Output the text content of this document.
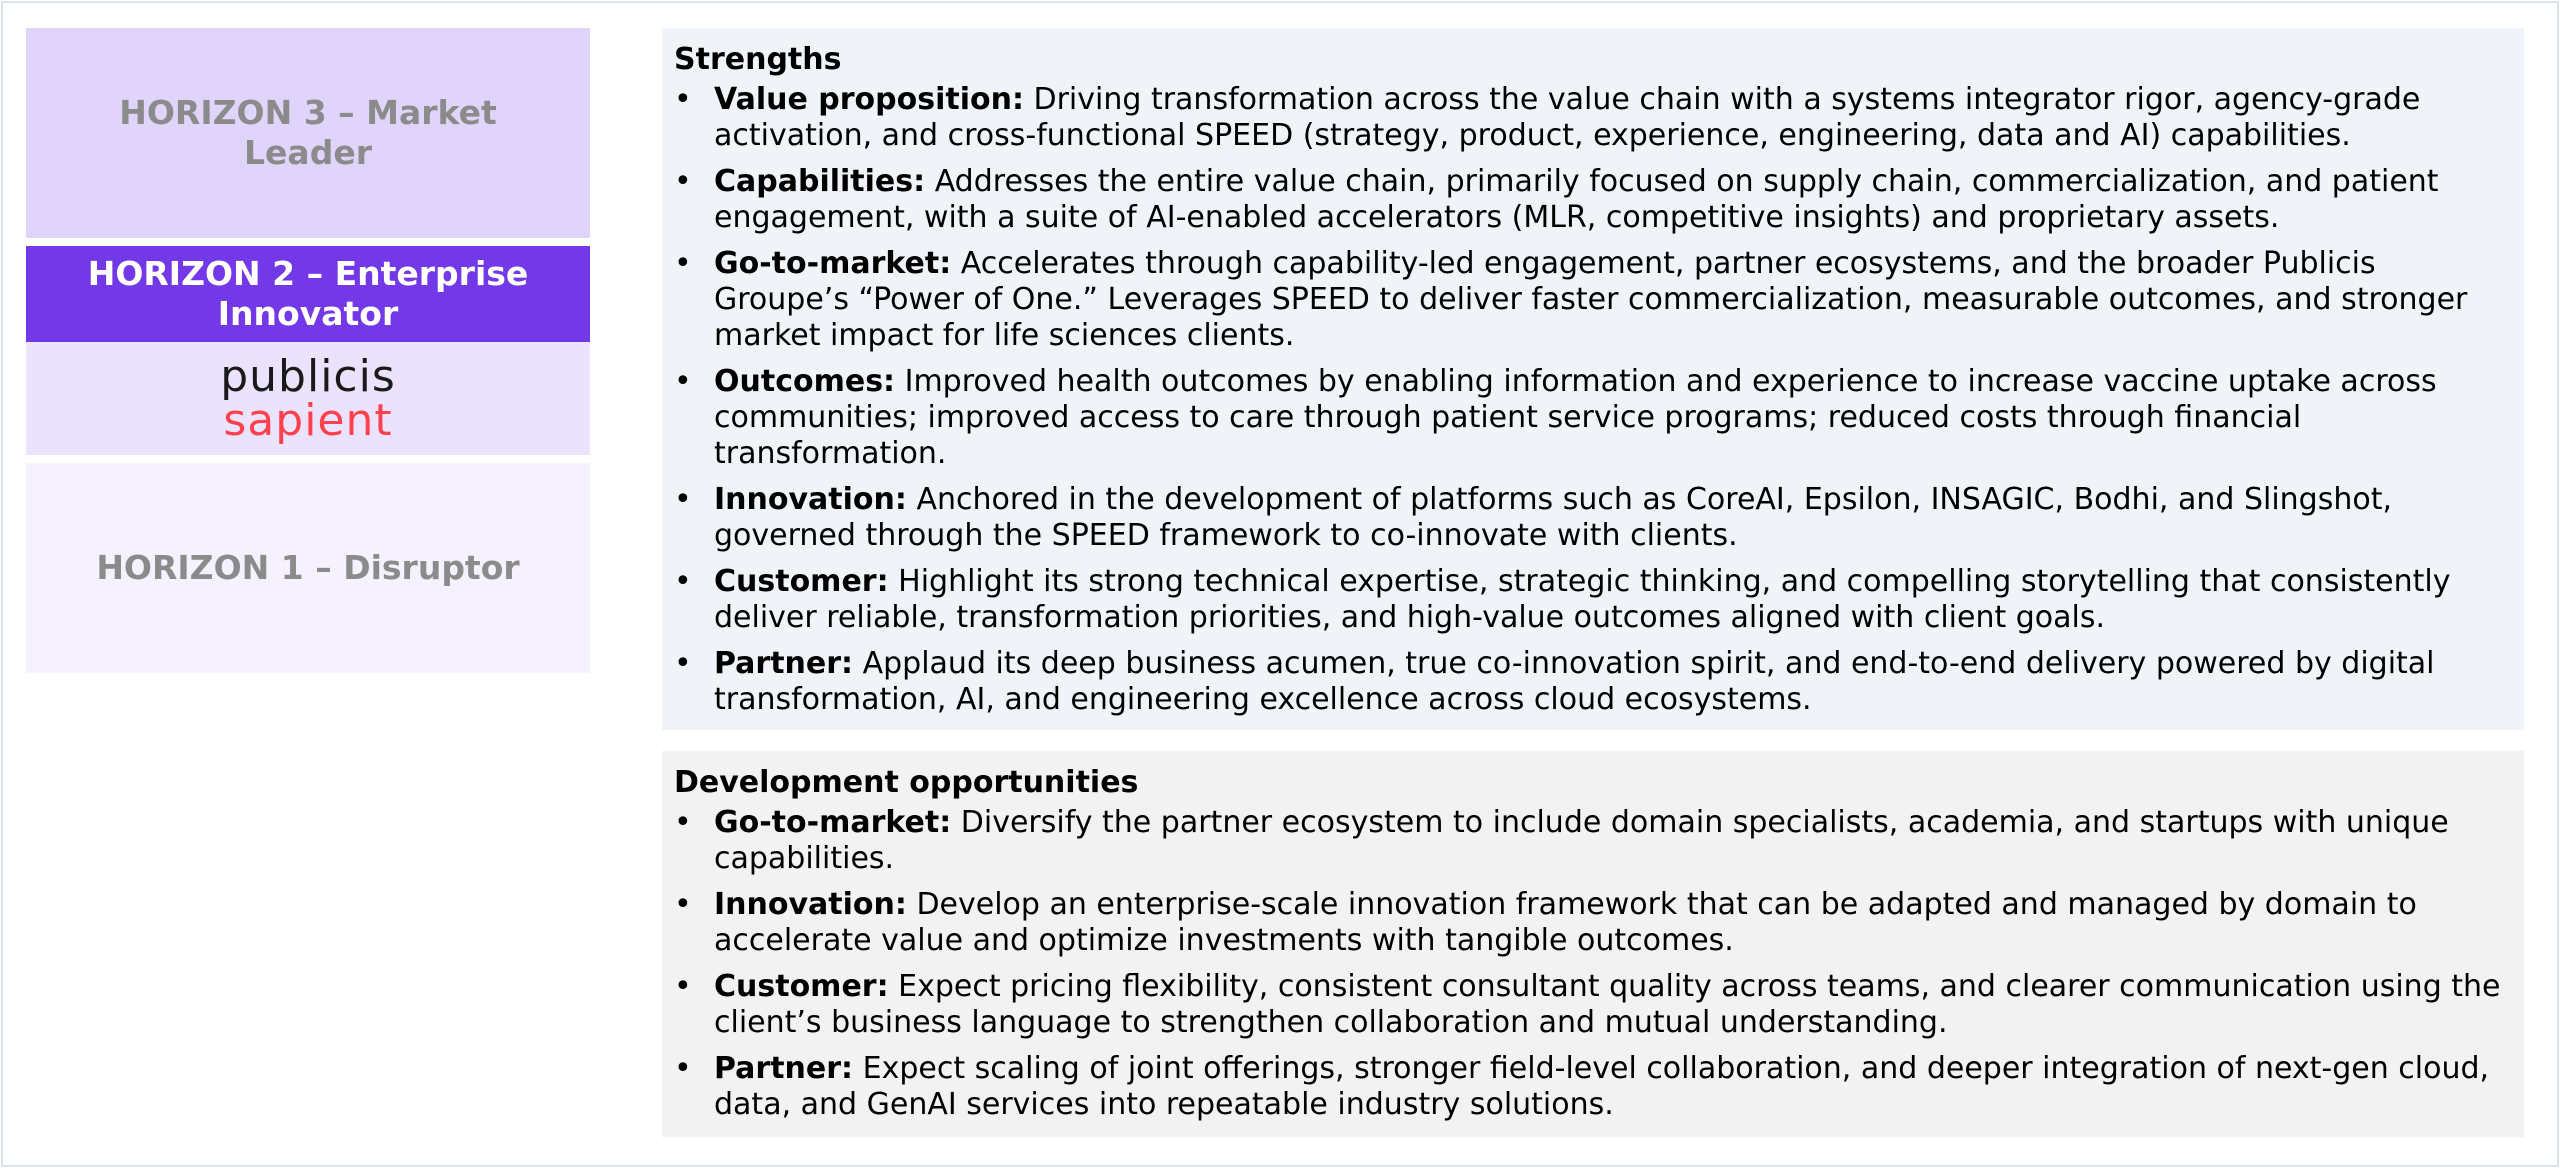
HORIZON 3 – Market Leader
HORIZON 2 – Enterprise Innovator
publicis
sapient
HORIZON 1 – Disruptor
Strengths
• Value proposition: Driving transformation across the value chain with a systems integrator rigor, agency-grade activation, and cross-functional SPEED (strategy, product, experience, engineering, data and AI) capabilities.
• Capabilities: Addresses the entire value chain, primarily focused on supply chain, commercialization, and patient engagement, with a suite of AI-enabled accelerators (MLR, competitive insights) and proprietary assets.
• Go-to-market: Accelerates through capability-led engagement, partner ecosystems, and the broader Publicis Groupe’s “Power of One.” Leverages SPEED to deliver faster commercialization, measurable outcomes, and stronger market impact for life sciences clients.
• Outcomes: Improved health outcomes by enabling information and experience to increase vaccine uptake across communities; improved access to care through patient service programs; reduced costs through financial transformation.
• Innovation: Anchored in the development of platforms such as CoreAI, Epsilon, INSAGIC, Bodhi, and Slingshot, governed through the SPEED framework to co-innovate with clients.
• Customer: Highlight its strong technical expertise, strategic thinking, and compelling storytelling that consistently deliver reliable, transformation priorities, and high-value outcomes aligned with client goals.
• Partner: Applaud its deep business acumen, true co-innovation spirit, and end-to-end delivery powered by digital transformation, AI, and engineering excellence across cloud ecosystems.
Development opportunities
• Go-to-market: Diversify the partner ecosystem to include domain specialists, academia, and startups with unique capabilities.
• Innovation: Develop an enterprise-scale innovation framework that can be adapted and managed by domain to accelerate value and optimize investments with tangible outcomes.
• Customer: Expect pricing flexibility, consistent consultant quality across teams, and clearer communication using the client’s business language to strengthen collaboration and mutual understanding.
• Partner: Expect scaling of joint offerings, stronger field-level collaboration, and deeper integration of next-gen cloud, data, and GenAI services into repeatable industry solutions.
